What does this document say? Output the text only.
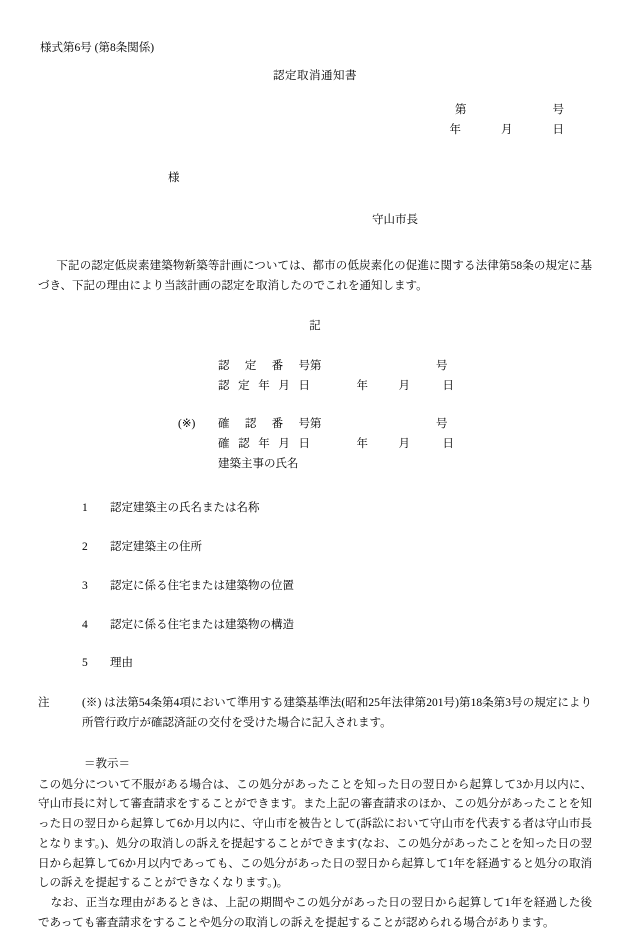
様式第6号 (第8条関係)
認定取消通知書
第	号
年	月	日
様
守山市長

下記の認定低炭素建築物新築等計画については、都市の低炭素化の促進に関する法律第58条の規定に基づき、下記の理由により当該計画の認定を取消したのでこれを通知します。

記
認定番号 第	号
認定年月日	年	月	日
(※)	確認番号 第	号
確認年月日	年	月	日
建築主事の氏名
1	認定建築主の氏名または名称
2	認定建築主の住所
3	認定に係る住宅または建築物の位置
4	認定に係る住宅または建築物の構造
5	理由
注	(※) は法第54条第4項において準用する建築基準法(昭和25年法律第201号)第18条第3号の規定により所管行政庁が確認済証の交付を受けた場合に記入されます。
＝教示＝

この処分について不服がある場合は、この処分があったことを知った日の翌日から起算して3か月以内に、守山市長に対して審査請求をすることができます。また上記の審査請求のほか、この処分があったことを知った日の翌日から起算して6か月以内に、守山市を被告として(訴訟において守山市を代表する者は守山市長となります。)、処分の取消しの訴えを提起することができます(なお、この処分があったことを知った日の翌日から起算して6か月以内であっても、この処分があった日の翌日から起算して1年を経過すると処分の取消しの訴えを提起することができなくなります。)。

なお、正当な理由があるときは、上記の期間やこの処分があった日の翌日から起算して1年を経過した後であっても審査請求をすることや処分の取消しの訴えを提起することが認められる場合があります。
